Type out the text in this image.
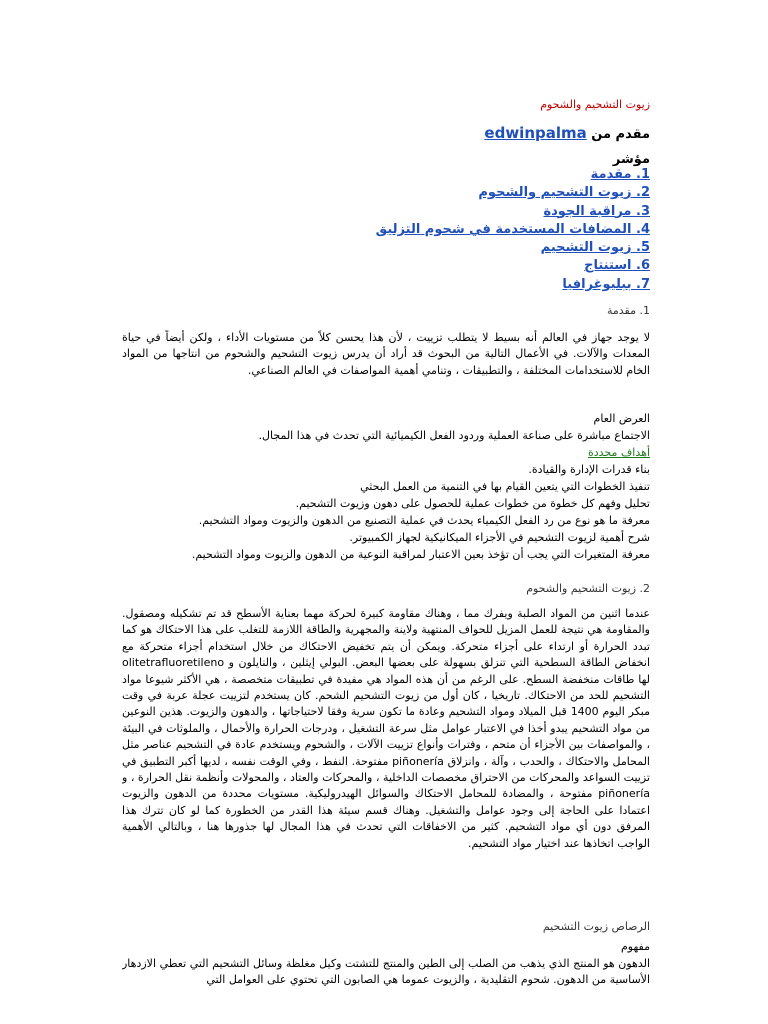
زيوت التشحيم والشحوم
مقدم من edwinpalma
مؤشر
1. مقدمة
2. زيوت التشحيم والشحوم
3. مراقبة الجودة
4. المضافات المستخدمة في شحوم التزليق
5. زيوت التشحيم
6. استنتاج
7. ببليوغرافيا
1. مقدمة
لا يوجد جهاز في العالم أنه بسيط لا يتطلب تزييت ، لأن هذا يحسن كلاً من مستويات الأداء ، ولكن أيضاً في حياة المعدات والآلات. في الأعمال التالية من البحوث قد أراد أن يدرس زيوت التشحيم والشحوم من انتاجها من المواد الخام للاستخدامات المختلفة ، والتطبيقات ، وتنامي أهمية المواصفات في العالم الصناعي.
العرض العام
الاجتماع مباشرة على صناعة العملية وردود الفعل الكيميائية التي تحدث في هذا المجال.
أهداف محددة
بناء قدرات الإدارة والقيادة.
تنفيذ الخطوات التي يتعين القيام بها في التنمية من العمل البحثي
تحليل وفهم كل خطوة من خطوات عملية للحصول على دهون وزيوت التشحيم.
معرفة ما هو نوع من رد الفعل الكيمياء يحدث في عملية التصنيع من الدهون والزيوت ومواد التشحيم.
شرح أهمية لزيوت التشحيم في الأجزاء الميكانيكية لجهاز الكمبيوتر.
معرفة المتغيرات التي يجب أن تؤخذ بعين الاعتبار لمراقبة النوعية من الدهون والزيوت ومواد التشحيم.
2. زيوت التشحيم والشحوم
عندما اثنين من المواد الصلبة ويفرك مما ، وهناك مقاومة كبيرة لحركة مهما بعناية الأسطح قد تم تشكيله ومصقول. والمقاومة هي نتيجة للعمل المزيل للحواف المنتهية ولاينة والمجهرية والطاقة اللازمة للتغلب على هذا الاحتكاك هو كما تبدد الحرارة أو ارتداء على أجزاء متحركة. ويمكن أن يتم تخفيض الاحتكاك من خلال استخدام أجزاء متحركة مع انخفاض الطاقة السطحية التي تنزلق بسهولة على بعضها البعض. البولي إيثلين ، والنايلون و olitetrafluoretileno لها طاقات منخفضة السطح. على الرغم من أن هذه المواد هي مفيدة في تطبيقات متخصصة ، هي الأكثر شيوعا مواد التشحيم للحد من الاحتكاك. تاريخيا ، كان أول من زيوت التشحيم الشحم. كان يستخدم لتزييت عجلة عربة في وقت مبكر اليوم 1400 قبل الميلاد ومواد التشحيم وعادة ما تكون سرية وفقا لاحتياجاتها ، والدهون والزيوت. هذين النوعين من مواد التشحيم يبدو أخذا في الاعتبار عوامل مثل سرعة التشغيل ، ودرجات الحرارة والأحمال ، والملوثات في البيئة ، والمواصفات بين الأجزاء أن متحم ، وفترات وأنواع تزييت الآلات ، والشحوم ويستخدم عادة في التشحيم عناصر مثل المحامل والاحتكاك ، والحدب ، وآلة ، وانزلاق piñonería مفتوحة. النفط ، وفي الوقت نفسه ، لديها أكبر التطبيق في تزييت السواعد والمحركات من الاحتراق مخصصات الداخلية ، والمحركات والعتاد ، والمحولات وأنظمة نقل الحرارة ، و piñonería مفتوحة ، والمضادة للمحامل الاحتكاك والسوائل الهيدروليكية. مستويات محددة من الدهون والزيوت اعتمادا على الحاجة إلى وجود عوامل والتشغيل. وهناك قسم سيئة هذا القدر من الخطورة كما لو كان تترك هذا المرفق دون أي مواد التشحيم. كثير من الاخفاقات التي تحدث في هذا المجال لها جذورها هنا ، وبالتالي الأهمية الواجب اتخاذها عند اختيار مواد التشحيم.
الرصاص زيوت التشحيم
مفهوم
الدهون هو المنتج الذي يذهب من الصلب إلى الطين والمنتج للتشتت وكيل مغلظة وسائل التشحيم التي تعطي الازدهار الأساسية من الدهون. شحوم التقليدية ، والزيوت عموما هي الصابون التي تحتوي على العوامل التي
